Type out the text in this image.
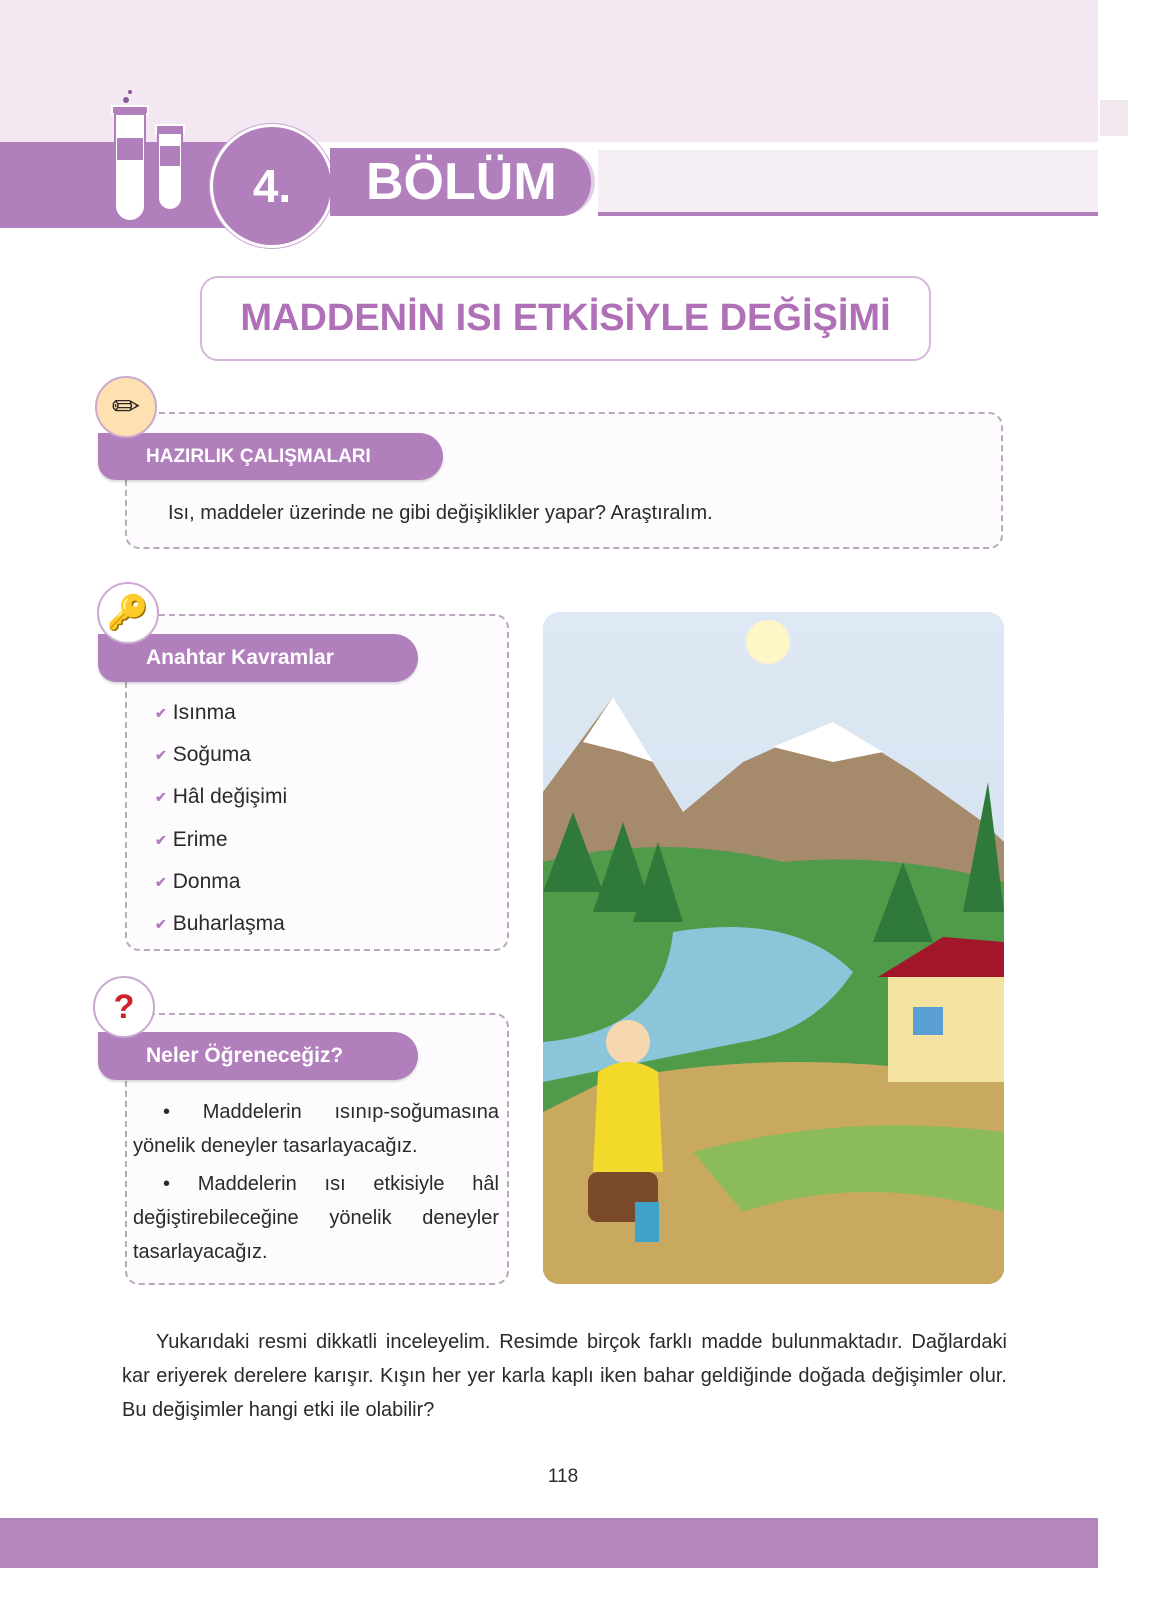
4.	BÖLÜM
MADDENİN ISI ETKİSİYLE DEĞİŞİMİ
HAZIRLIK ÇALIŞMALARI
✏
Isı, maddeler üzerinde ne gibi değişiklikler yapar? Araştıralım.
Anahtar Kavramlar
🔑
✔ Isınma
✔ Soğuma
✔ Hâl değişimi
✔ Erime
✔ Donma
✔ Buharlaşma
Neler Öğreneceğiz?
?
• Maddelerin ısınıp-soğumasına yönelik deneyler tasarlayacağız.
• Maddelerin ısı etkisiyle hâl değiştirebileceğine yönelik deneyler tasarlayacağız.
Yukarıdaki resmi dikkatli inceleyelim. Resimde birçok farklı madde bulunmaktadır. Dağlardaki kar eriyerek derelere karışır. Kışın her yer karla kaplı iken bahar geldiğinde doğada değişimler olur. Bu değişimler hangi etki ile olabilir?
118
